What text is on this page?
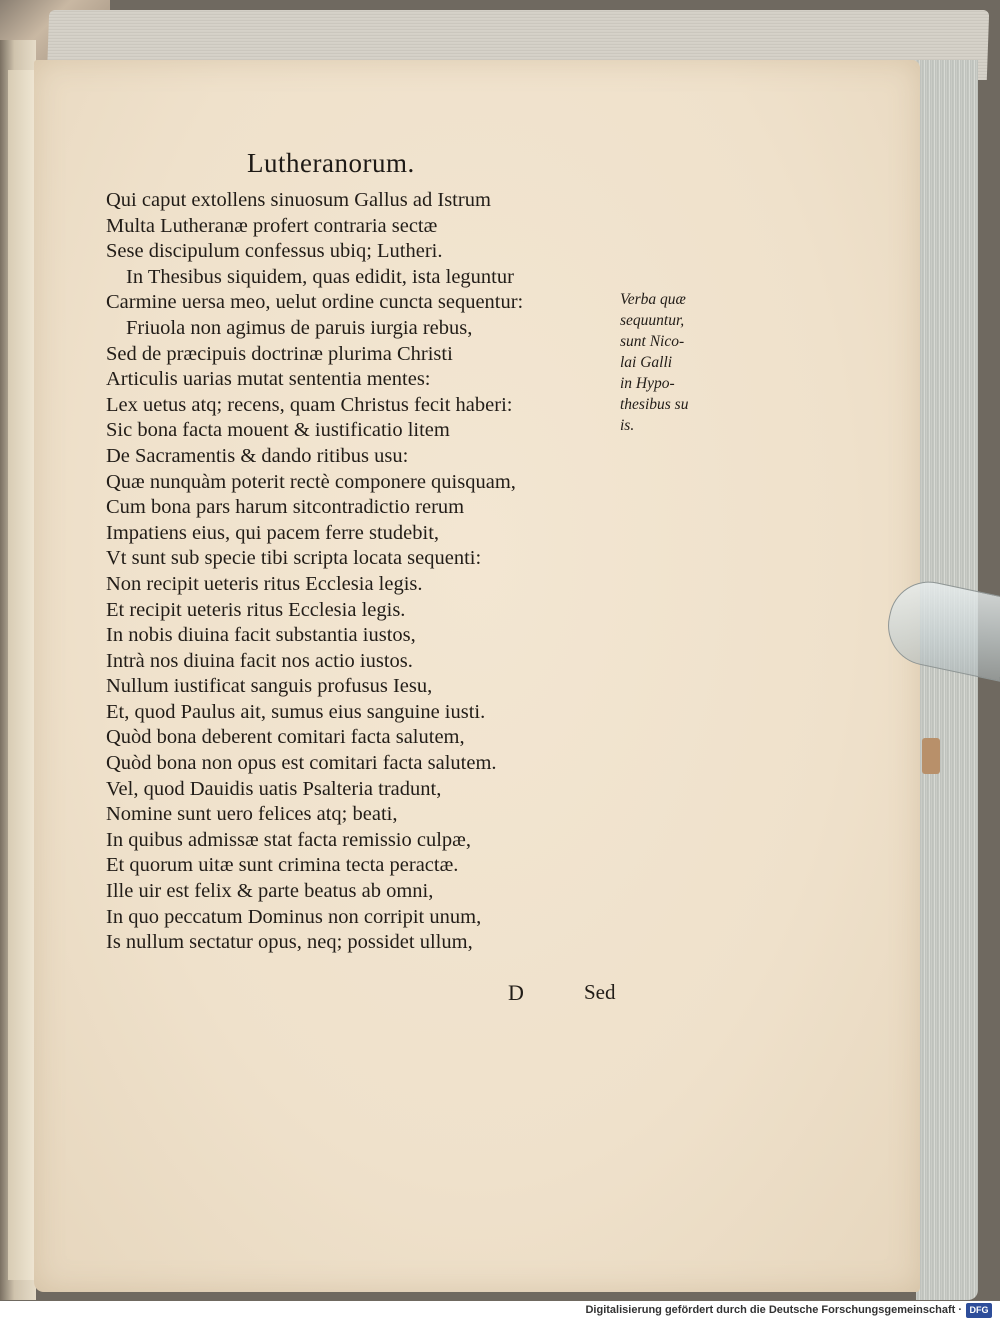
Lutheranorum.
Qui caput extollens sinuosum Gallus ad Istrum
Multa Lutheranæ profert contraria sectæ
Sese discipulum confessus ubiq; Lutheri.
In Thesibus siquidem, quas edidit, ista leguntur
Carmine uersa meo, uelut ordine cuncta sequentur:
Friuola non agimus de paruis iurgia rebus,
Sed de præcipuis doctrinæ plurima Christi
Articulis uarias mutat sententia mentes:
Lex uetus atq; recens, quam Christus fecit haberi:
Sic bona facta mouent & iustificatio litem
De Sacramentis & dando ritibus usu:
Quæ nunquàm poterit rectè componere quisquam,
Cum bona pars harum sitcontradictio rerum
Impatiens eius, qui pacem ferre studebit,
Vt sunt sub specie tibi scripta locata sequenti:
Non recipit ueteris ritus Ecclesia legis.
Et recipit ueteris ritus Ecclesia legis.
In nobis diuina facit substantia iustos,
Intrà nos diuina facit nos actio iustos.
Nullum iustificat sanguis profusus Iesu,
Et, quod Paulus ait, sumus eius sanguine iusti.
Quòd bona deberent comitari facta salutem,
Quòd bona non opus est comitari facta salutem.
Vel, quod Dauidis uatis Psalteria tradunt,
Nomine sunt uero felices atq; beati,
In quibus admissæ stat facta remissio culpæ,
Et quorum uitæ sunt crimina tecta peractæ.
Ille uir est felix & parte beatus ab omni,
In quo peccatum Dominus non corripit unum,
Is nullum sectatur opus, neq; possidet ullum,
Verba quæ
sequuntur,
sunt Nico-
lai Galli
in Hypo-
thesibus su
is.
D	Sed
Digitalisierung gefördert durch die Deutsche Forschungsgemeinschaft · DFG
